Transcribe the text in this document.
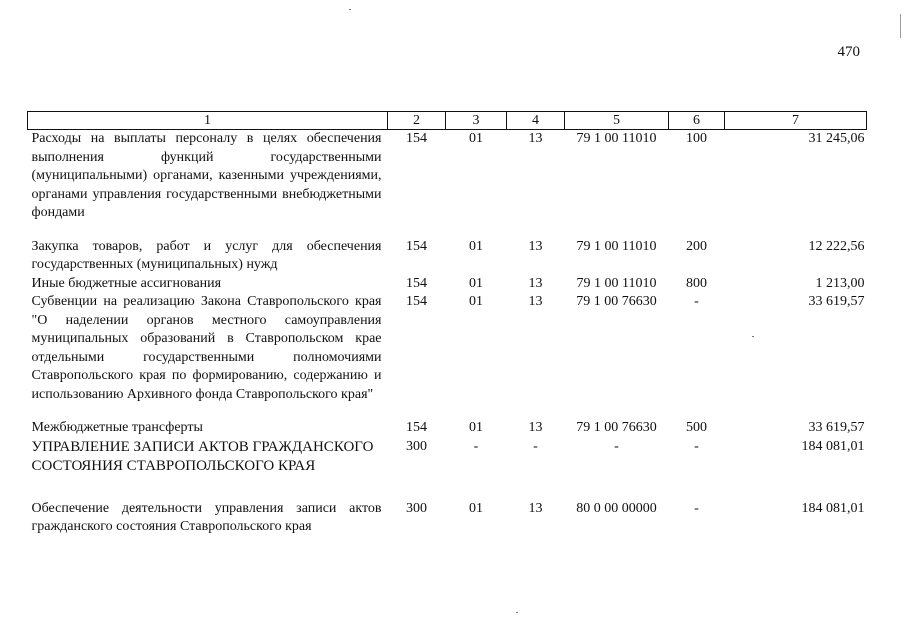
470
1	2	3	4	5	6	7
Расходы на выплаты персоналу в целях обеспечения выполнения функций государственными (муниципальными) органами, казенными учреждениями, органами управления государственными внебюджетными фондами	154	01	13	79 1 00 11010	100	31 245,06
Закупка товаров, работ и услуг для обеспечения государственных (муниципальных) нужд	154	01	13	79 1 00 11010	200	12 222,56
Иные бюджетные ассигнования	154	01	13	79 1 00 11010	800	1 213,00
Субвенции на реализацию Закона Ставропольского края "О наделении органов местного самоуправления муниципальных образований в Ставропольском крае отдельными государственными полномочиями Ставропольского края по формированию, содержанию и использованию Архивного фонда Ставропольского края"	154	01	13	79 1 00 76630	-	33 619,57
Межбюджетные трансферты	154	01	13	79 1 00 76630	500	33 619,57
УПРАВЛЕНИЕ ЗАПИСИ АКТОВ ГРАЖДАНСКОГО СОСТОЯНИЯ СТАВРОПОЛЬСКОГО КРАЯ	300	-	-	-	-	184 081,01
Обеспечение деятельности управления записи актов гражданского состояния Ставропольского края	300	01	13	80 0 00 00000	-	184 081,01
